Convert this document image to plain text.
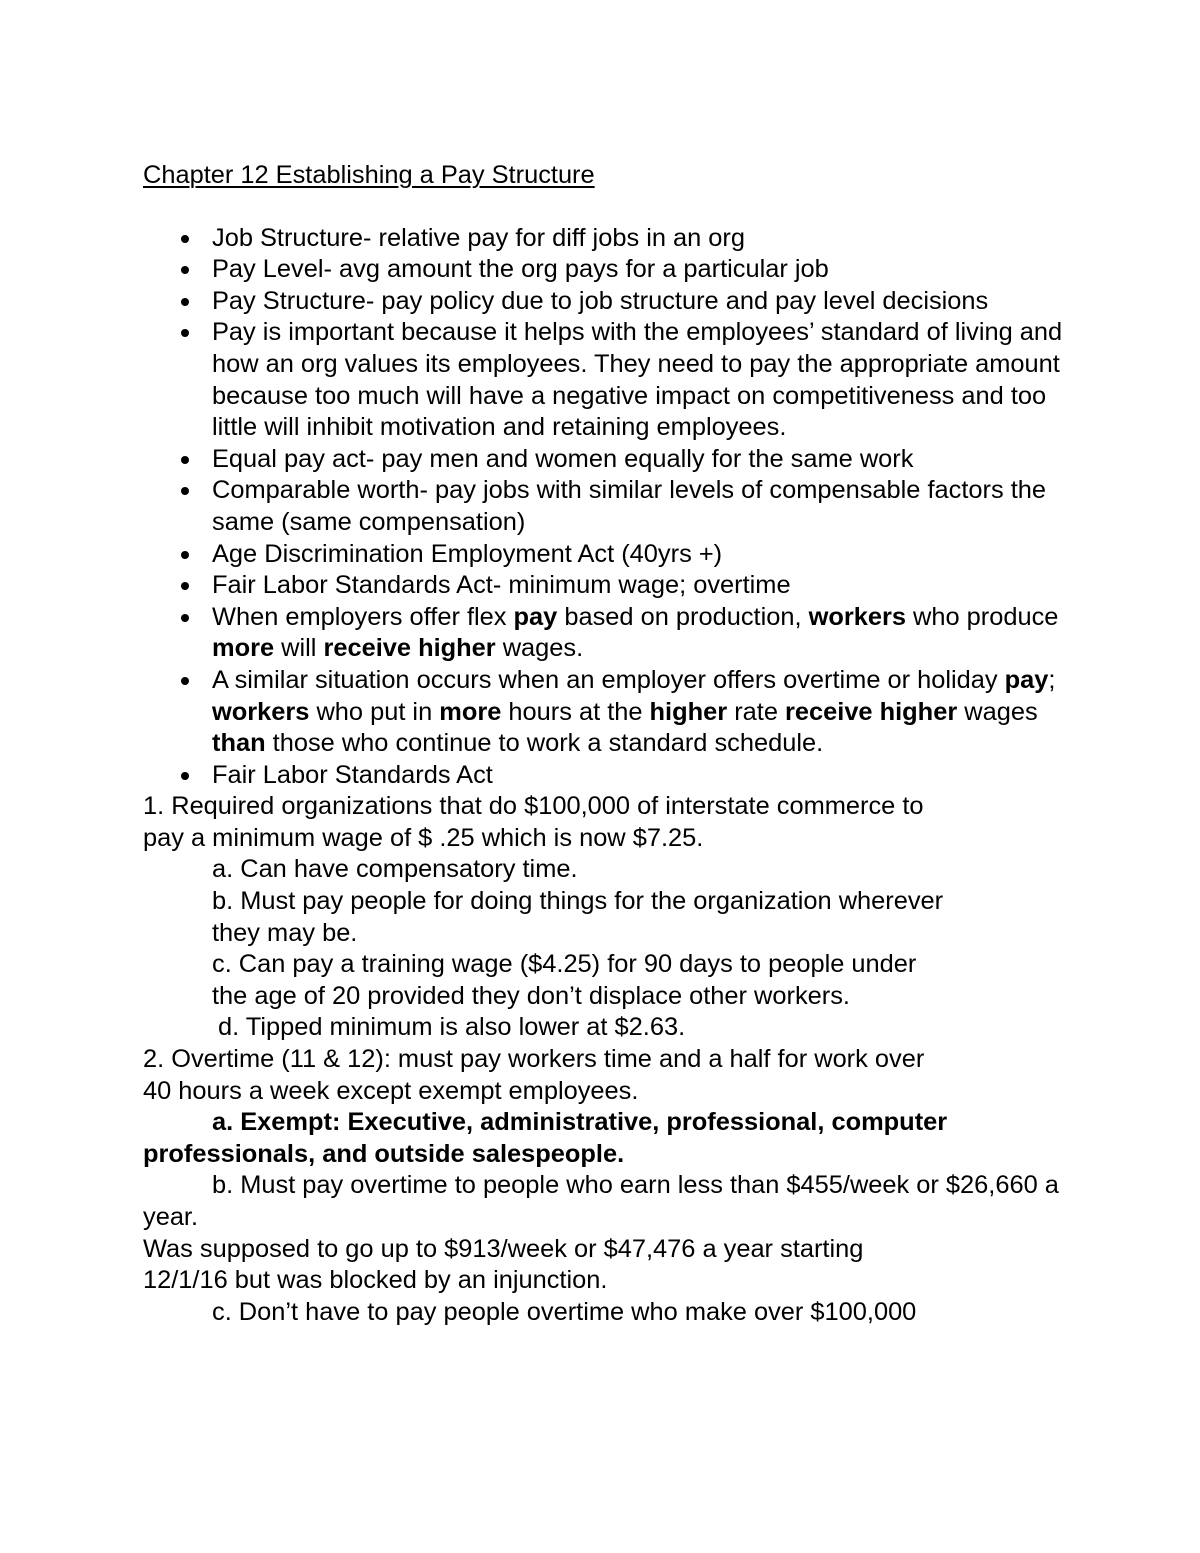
Chapter 12 Establishing a Pay Structure
Job Structure- relative pay for diff jobs in an org
Pay Level- avg amount the org pays for a particular job
Pay Structure- pay policy due to job structure and pay level decisions
Pay is important because it helps with the employees’ standard of living and how an org values its employees. They need to pay the appropriate amount because too much will have a negative impact on competitiveness and too little will inhibit motivation and retaining employees.
Equal pay act- pay men and women equally for the same work
Comparable worth- pay jobs with similar levels of compensable factors the same (same compensation)
Age Discrimination Employment Act (40yrs +)
Fair Labor Standards Act- minimum wage; overtime
When employers offer flex pay based on production, workers who produce more will receive higher wages.
A similar situation occurs when an employer offers overtime or holiday pay; workers who put in more hours at the higher rate receive higher wages than those who continue to work a standard schedule.
Fair Labor Standards Act
1. Required organizations that do $100,000 of interstate commerce to
pay a minimum wage of $ .25 which is now $7.25.
a. Can have compensatory time.
b. Must pay people for doing things for the organization wherever
they may be.
c. Can pay a training wage ($4.25) for 90 days to people under
the age of 20 provided they don’t displace other workers.
d. Tipped minimum is also lower at $2.63.
2. Overtime (11 & 12): must pay workers time and a half for work over
40 hours a week except exempt employees.
a. Exempt: Executive, administrative, professional, computer professionals, and outside salespeople.
b. Must pay overtime to people who earn less than $455/week or $26,660 a year.
Was supposed to go up to $913/week or $47,476 a year starting
12/1/16 but was blocked by an injunction.
c. Don’t have to pay people overtime who make over $100,000
